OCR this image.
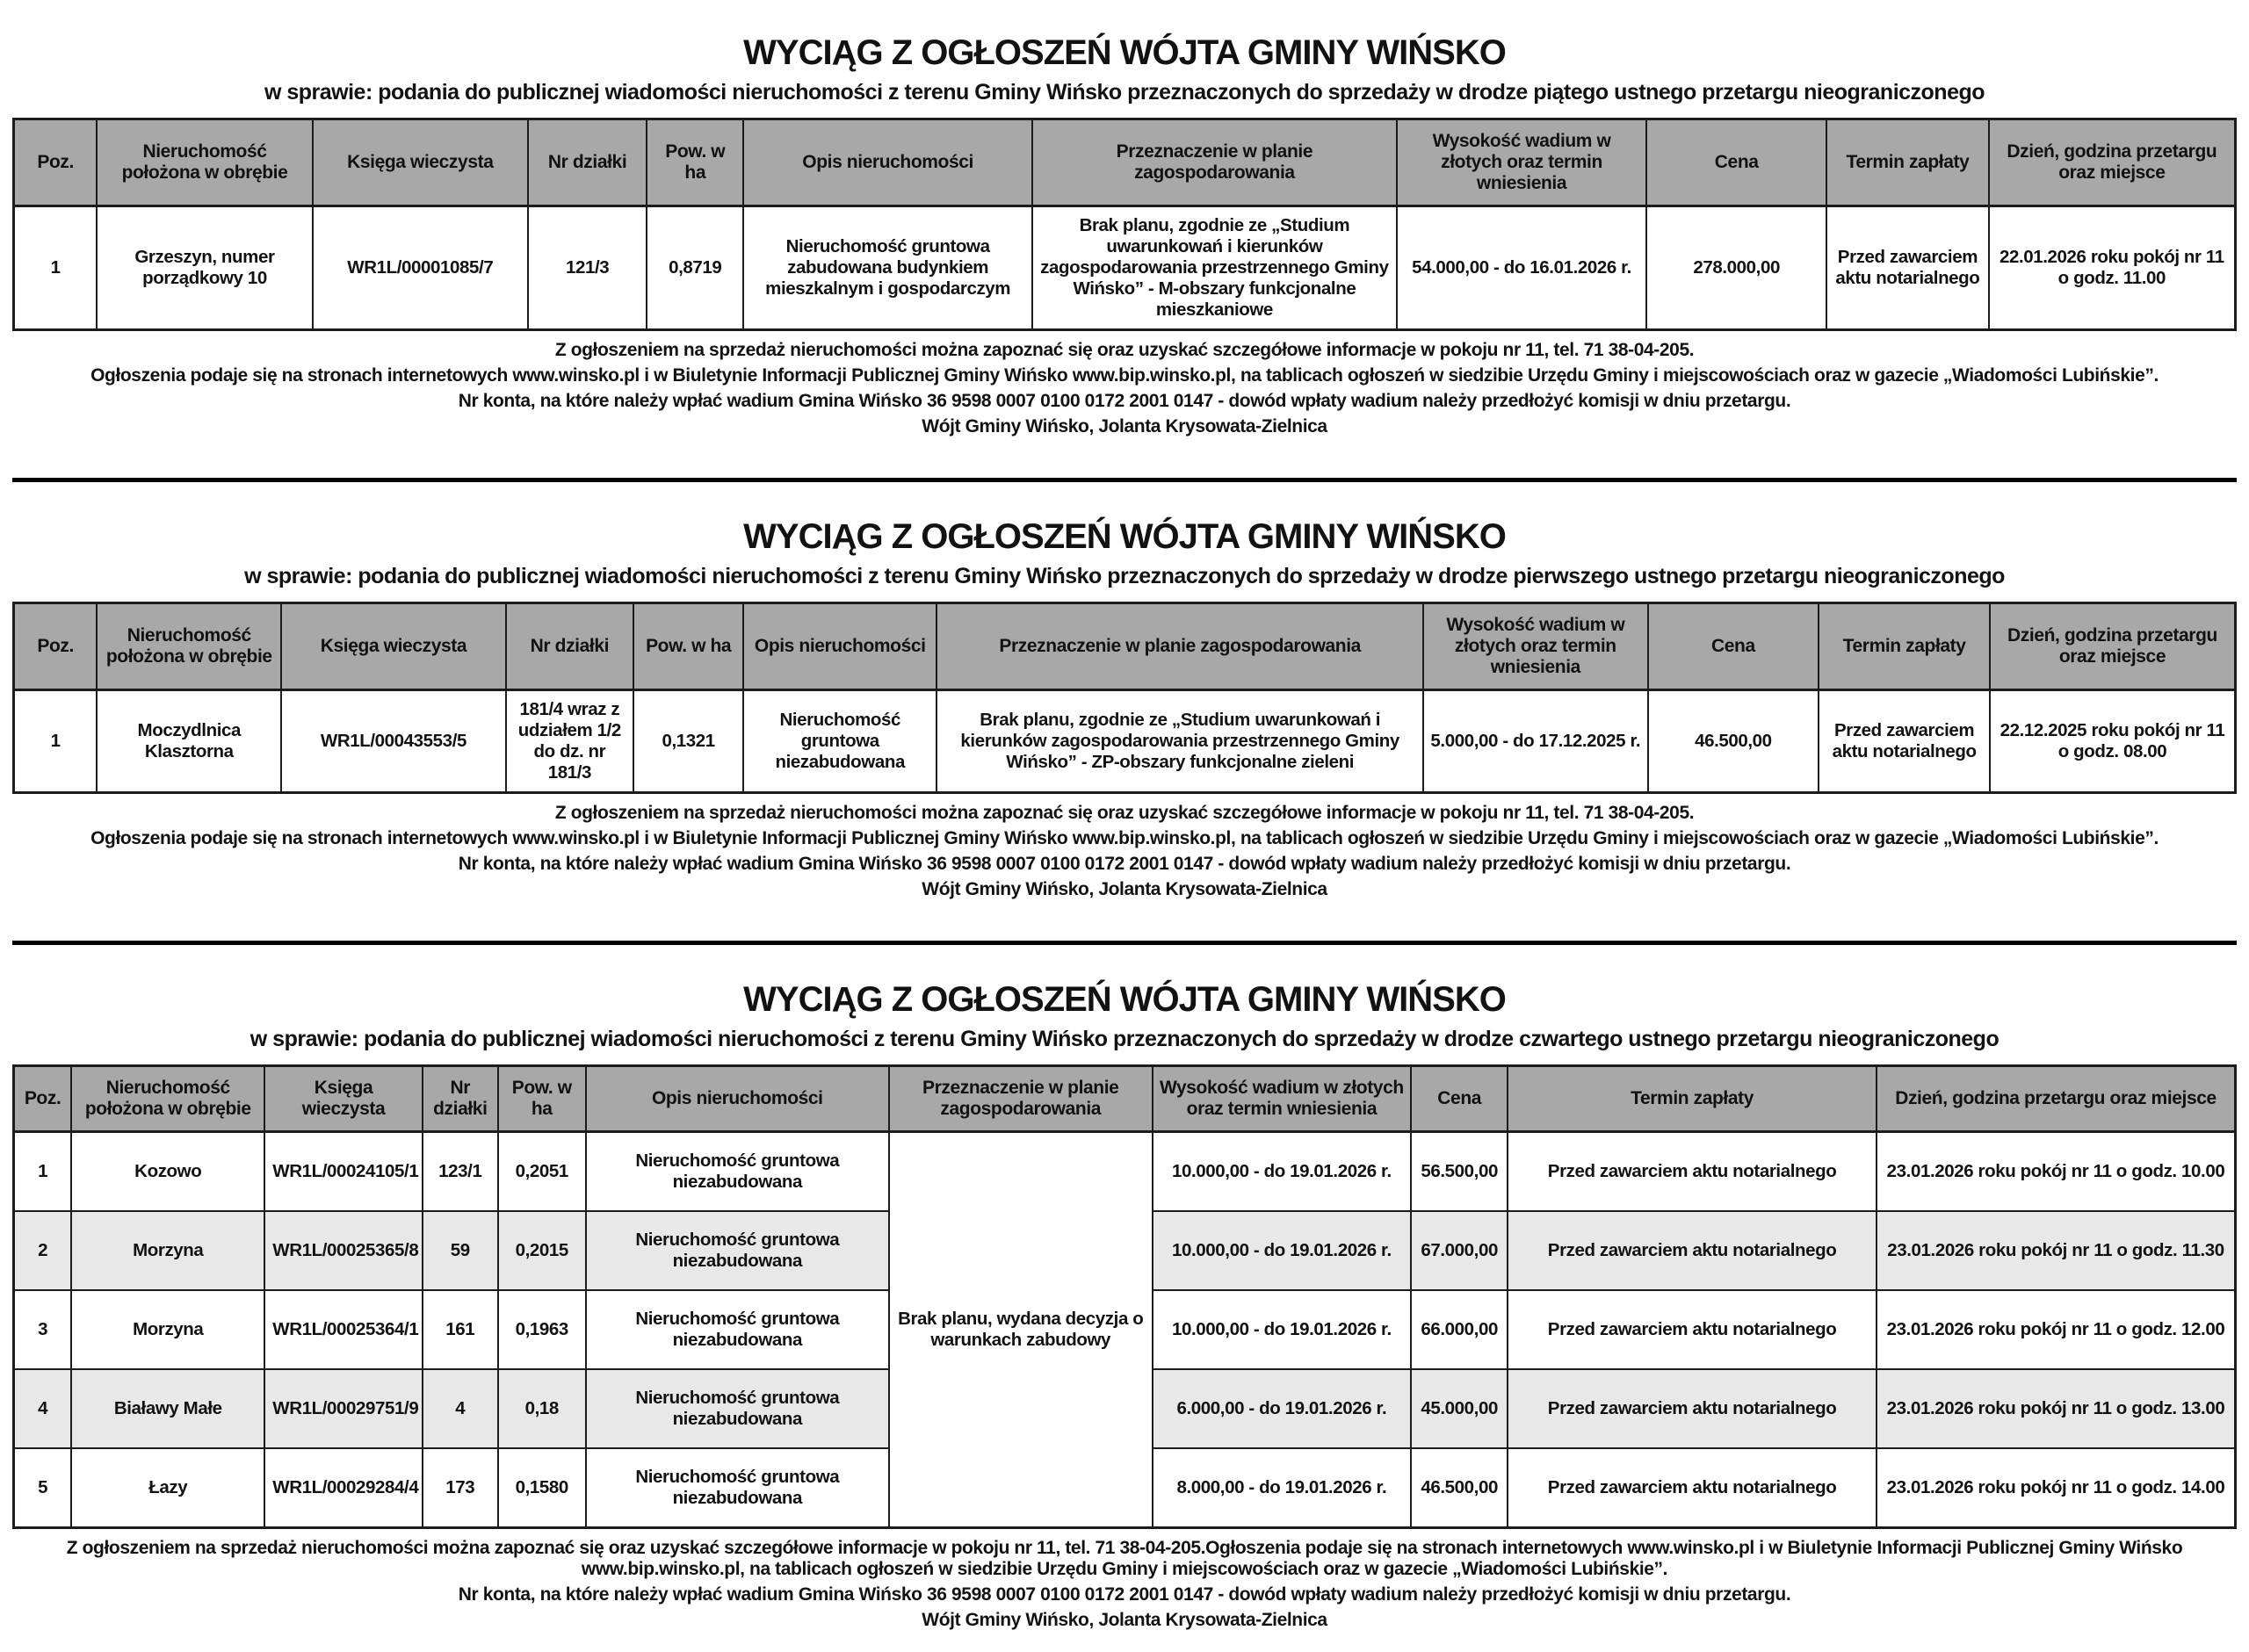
WYCIĄG Z OGŁOSZEŃ WÓJTA GMINY WIŃSKO
w sprawie: podania do publicznej wiadomości nieruchomości z terenu Gminy Wińsko przeznaczonych do sprzedaży w drodze piątego ustnego przetargu nieograniczonego
Poz.	Nieruchomość położona w obrębie	Księga wieczysta	Nr działki	Pow. w ha	Opis nieruchomości	Przeznaczenie w planie zagospodarowania	Wysokość wadium w złotych oraz termin wniesienia	Cena	Termin zapłaty	Dzień, godzina przetargu oraz miejsce
1	Grzeszyn, numer porządkowy 10	WR1L/00001085/7	121/3	0,8719	Nieruchomość gruntowa zabudowana budynkiem mieszkalnym i gospodarczym	Brak planu, zgodnie ze „Studium uwarunkowań i kierunków zagospodarowania przestrzennego Gminy Wińsko” - M-obszary funkcjonalne mieszkaniowe	54.000,00 - do 16.01.2026 r.	278.000,00	Przed zawarciem aktu notarialnego	22.01.2026 roku pokój nr 11 o godz. 11.00

Z ogłoszeniem na sprzedaż nieruchomości można zapoznać się oraz uzyskać szczegółowe informacje w pokoju nr 11, tel. 71 38-04-205.

Ogłoszenia podaje się na stronach internetowych www.winsko.pl i w Biuletynie Informacji Publicznej Gminy Wińsko www.bip.winsko.pl, na tablicach ogłoszeń w siedzibie Urzędu Gminy i miejscowościach oraz w gazecie „Wiadomości Lubińskie”.

Nr konta, na które należy wpłać wadium Gmina Wińsko 36 9598 0007 0100 0172 2001 0147 - dowód wpłaty wadium należy przedłożyć komisji w dniu przetargu.

Wójt Gminy Wińsko, Jolanta Krysowata-Zielnica

WYCIĄG Z OGŁOSZEŃ WÓJTA GMINY WIŃSKO
w sprawie: podania do publicznej wiadomości nieruchomości z terenu Gminy Wińsko przeznaczonych do sprzedaży w drodze pierwszego ustnego przetargu nieograniczonego
Poz.	Nieruchomość położona w obrębie	Księga wieczysta	Nr działki	Pow. w ha	Opis nieruchomości	Przeznaczenie w planie zagospodarowania	Wysokość wadium w złotych oraz termin wniesienia	Cena	Termin zapłaty	Dzień, godzina przetargu oraz miejsce
1	Moczydlnica Klasztorna	WR1L/00043553/5	181/4 wraz z udziałem 1/2 do dz. nr 181/3	0,1321	Nieruchomość gruntowa niezabudowana	Brak planu, zgodnie ze „Studium uwarunkowań i kierunków zagospodarowania przestrzennego Gminy Wińsko” - ZP-obszary funkcjonalne zieleni	5.000,00 - do 17.12.2025 r.	46.500,00	Przed zawarciem aktu notarialnego	22.12.2025 roku pokój nr 11 o godz. 08.00

Z ogłoszeniem na sprzedaż nieruchomości można zapoznać się oraz uzyskać szczegółowe informacje w pokoju nr 11, tel. 71 38-04-205.

Ogłoszenia podaje się na stronach internetowych www.winsko.pl i w Biuletynie Informacji Publicznej Gminy Wińsko www.bip.winsko.pl, na tablicach ogłoszeń w siedzibie Urzędu Gminy i miejscowościach oraz w gazecie „Wiadomości Lubińskie”.

Nr konta, na które należy wpłać wadium Gmina Wińsko 36 9598 0007 0100 0172 2001 0147 - dowód wpłaty wadium należy przedłożyć komisji w dniu przetargu.

Wójt Gminy Wińsko, Jolanta Krysowata-Zielnica

WYCIĄG Z OGŁOSZEŃ WÓJTA GMINY WIŃSKO
w sprawie: podania do publicznej wiadomości nieruchomości z terenu Gminy Wińsko przeznaczonych do sprzedaży w drodze czwartego ustnego przetargu nieograniczonego
Poz.	Nieruchomość położona w obrębie	Księga wieczysta	Nr działki	Pow. w ha	Opis nieruchomości	Przeznaczenie w planie zagospodarowania	Wysokość wadium w złotych oraz termin wniesienia	Cena	Termin zapłaty	Dzień, godzina przetargu oraz miejsce
1	Kozowo	WR1L/00024105/1	123/1	0,2051	Nieruchomość gruntowa niezabudowana	Brak planu, wydana decyzja o warunkach zabudowy	10.000,00 - do 19.01.2026 r.	56.500,00	Przed zawarciem aktu notarialnego	23.01.2026 roku pokój nr 11 o godz. 10.00
2	Morzyna	WR1L/00025365/8	59	0,2015	Nieruchomość gruntowa niezabudowana		10.000,00 - do 19.01.2026 r.	67.000,00	Przed zawarciem aktu notarialnego	23.01.2026 roku pokój nr 11 o godz. 11.30
3	Morzyna	WR1L/00025364/1	161	0,1963	Nieruchomość gruntowa niezabudowana		10.000,00 - do 19.01.2026 r.	66.000,00	Przed zawarciem aktu notarialnego	23.01.2026 roku pokój nr 11 o godz. 12.00
4	Białawy Małe	WR1L/00029751/9	4	0,18	Nieruchomość gruntowa niezabudowana		6.000,00 - do 19.01.2026 r.	45.000,00	Przed zawarciem aktu notarialnego	23.01.2026 roku pokój nr 11 o godz. 13.00
5	Łazy	WR1L/00029284/4	173	0,1580	Nieruchomość gruntowa niezabudowana		8.000,00 - do 19.01.2026 r.	46.500,00	Przed zawarciem aktu notarialnego	23.01.2026 roku pokój nr 11 o godz. 14.00

Z ogłoszeniem na sprzedaż nieruchomości można zapoznać się oraz uzyskać szczegółowe informacje w pokoju nr 11, tel. 71 38-04-205.Ogłoszenia podaje się na stronach internetowych www.winsko.pl i w Biuletynie Informacji Publicznej Gminy Wińsko www.bip.winsko.pl, na tablicach ogłoszeń w siedzibie Urzędu Gminy i miejscowościach oraz w gazecie „Wiadomości Lubińskie”.

Nr konta, na które należy wpłać wadium Gmina Wińsko 36 9598 0007 0100 0172 2001 0147 - dowód wpłaty wadium należy przedłożyć komisji w dniu przetargu.

Wójt Gminy Wińsko, Jolanta Krysowata-Zielnica
